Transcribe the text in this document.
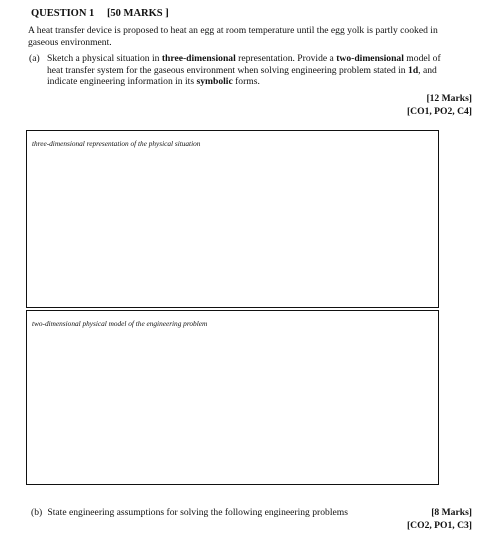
QUESTION 1 [50 MARKS ]
A heat transfer device is proposed to heat an egg at room temperature until the egg yolk is partly cooked in gaseous environment.
(a) Sketch a physical situation in three-dimensional representation. Provide a two-dimensional model of heat transfer system for the gaseous environment when solving engineering problem stated in 1d, and indicate engineering information in its symbolic forms.
[12 Marks]
[CO1, PO2, C4]
three-dimensional representation of the physical situation
two-dimensional physical model of the engineering problem
(b) State engineering assumptions for solving the following engineering problems	[8 Marks]
[CO2, PO1, C3]
